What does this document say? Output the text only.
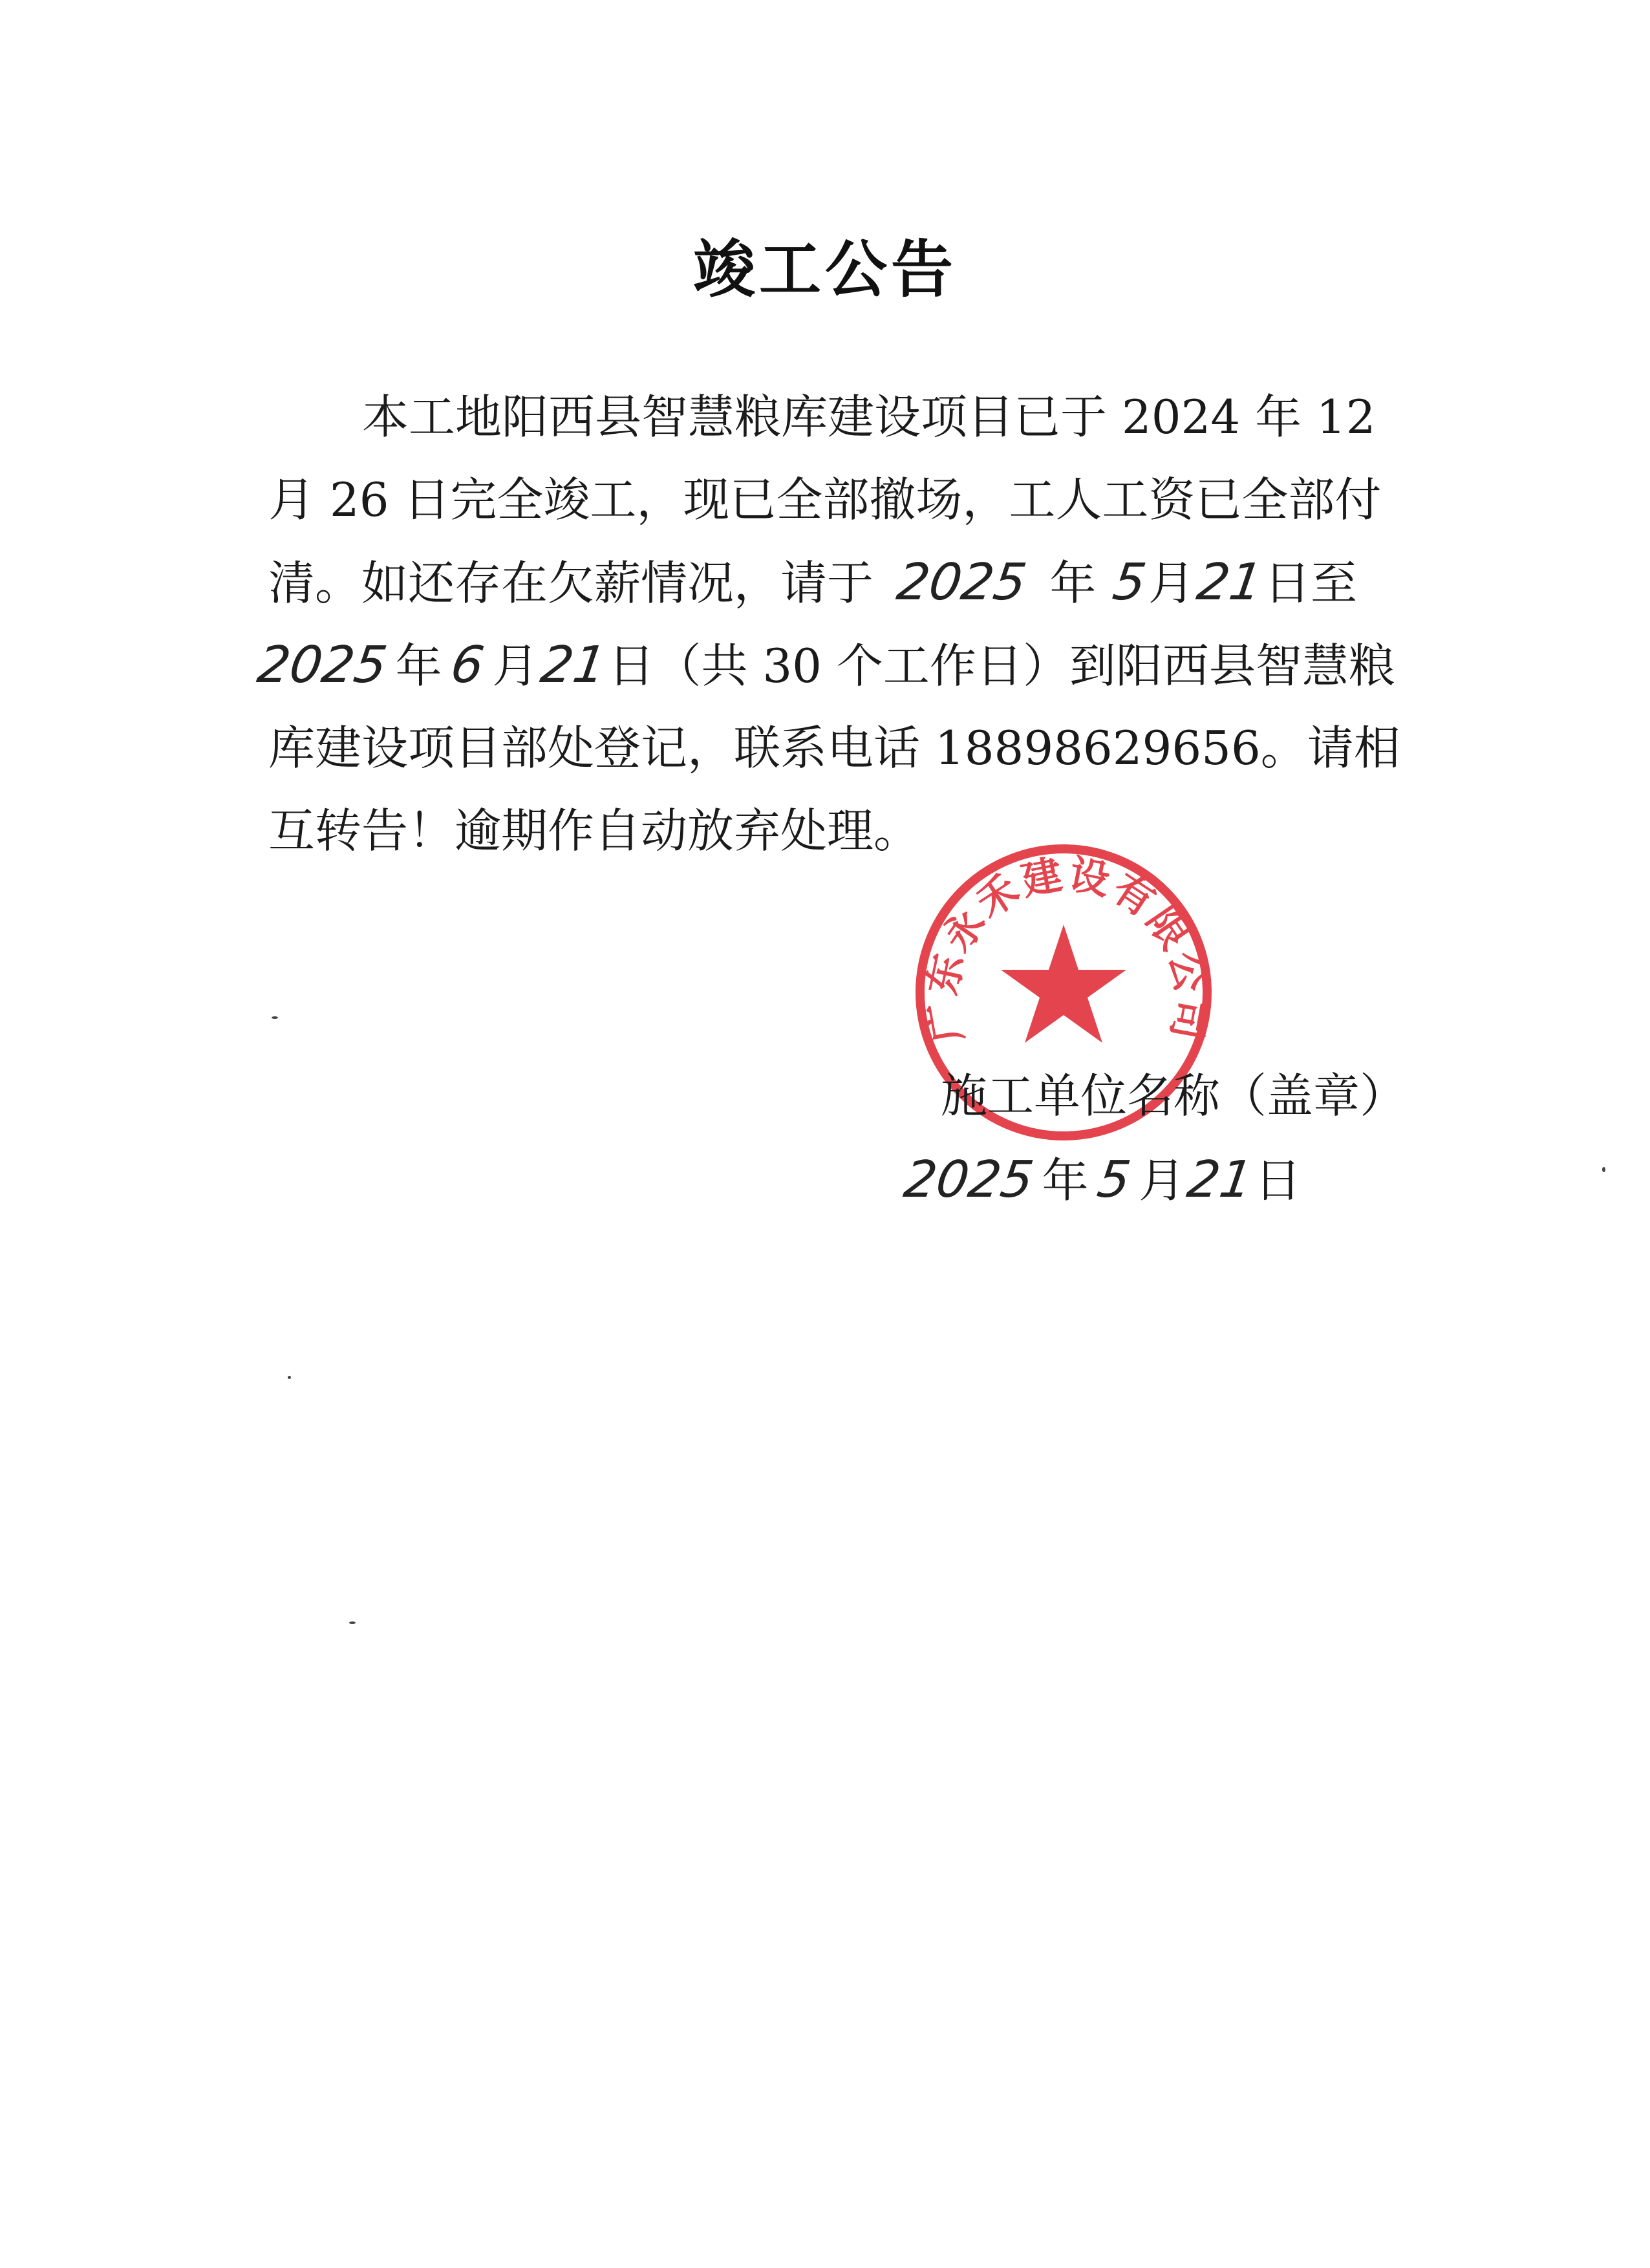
竣工公告
本工地阳西县智慧粮库建设项目已于 2024 年 12
月 26 日完全竣工，现已全部撤场，工人工资已全部付
清。如还存在欠薪情况，请于 2025 年 5月21日至
2025 年6 月21日（共 30 个工作日）到阳西县智慧粮
库建设项目部处登记，联系电话 18898629656。请相
互转告！逾期作自动放弃处理。
广东永禾建设有限公司
施工单位名称（盖章）
2025 年5 月21日
